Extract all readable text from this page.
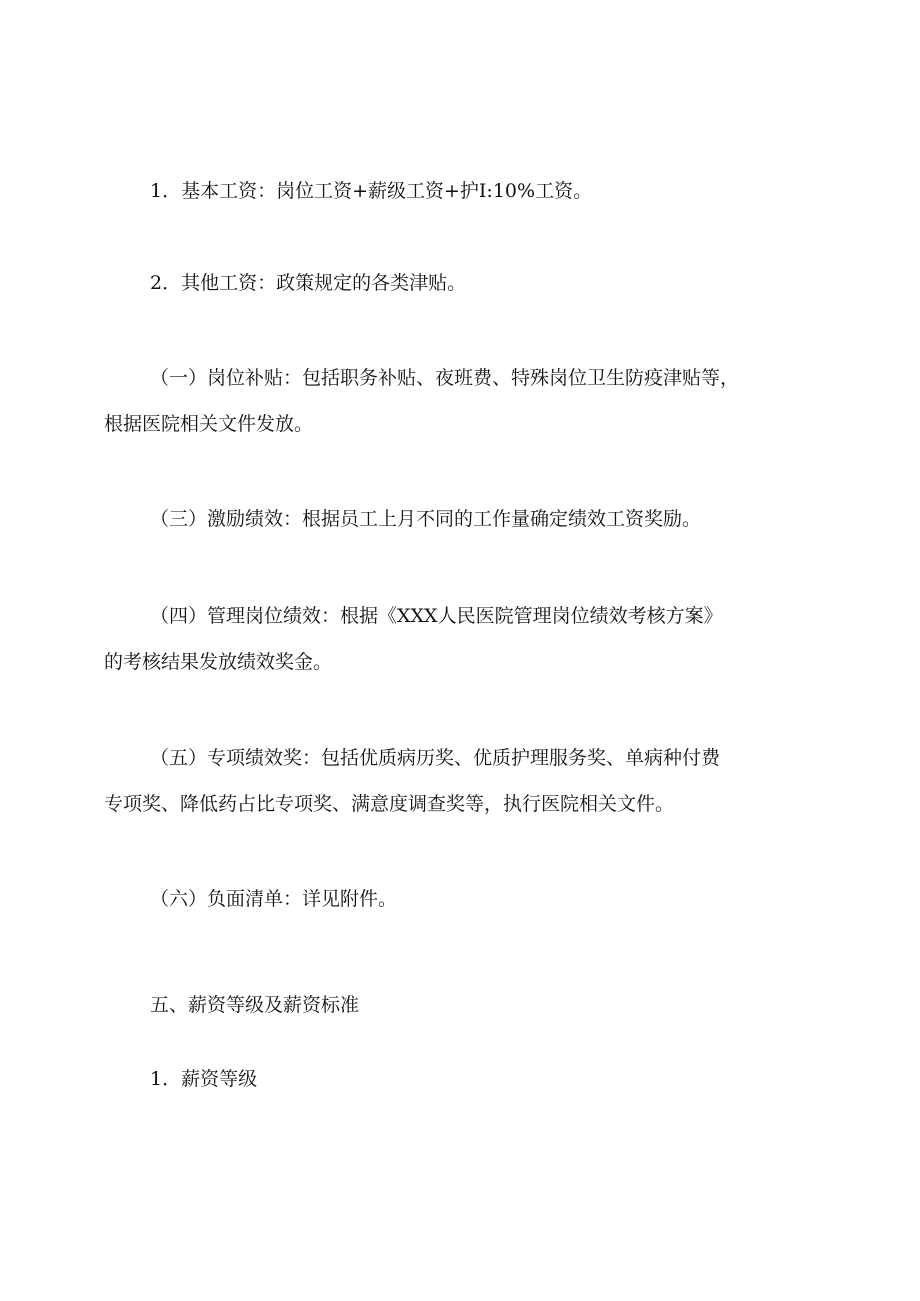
1．基本工资：岗位工资+薪级工资+护I:10%工资。

2．其他工资：政策规定的各类津贴。

（一）岗位补贴：包括职务补贴、夜班费、特殊岗位卫生防疫津贴等，
根据医院相关文件发放。

（三）激励绩效：根据员工上月不同的工作量确定绩效工资奖励。

（四）管理岗位绩效：根据《XXX人民医院管理岗位绩效考核方案》
的考核结果发放绩效奖金。

（五）专项绩效奖：包括优质病历奖、优质护理服务奖、单病种付费
专项奖、降低药占比专项奖、满意度调查奖等，执行医院相关文件。

（六）负面清单：详见附件。

五、薪资等级及薪资标准

1．薪资等级
